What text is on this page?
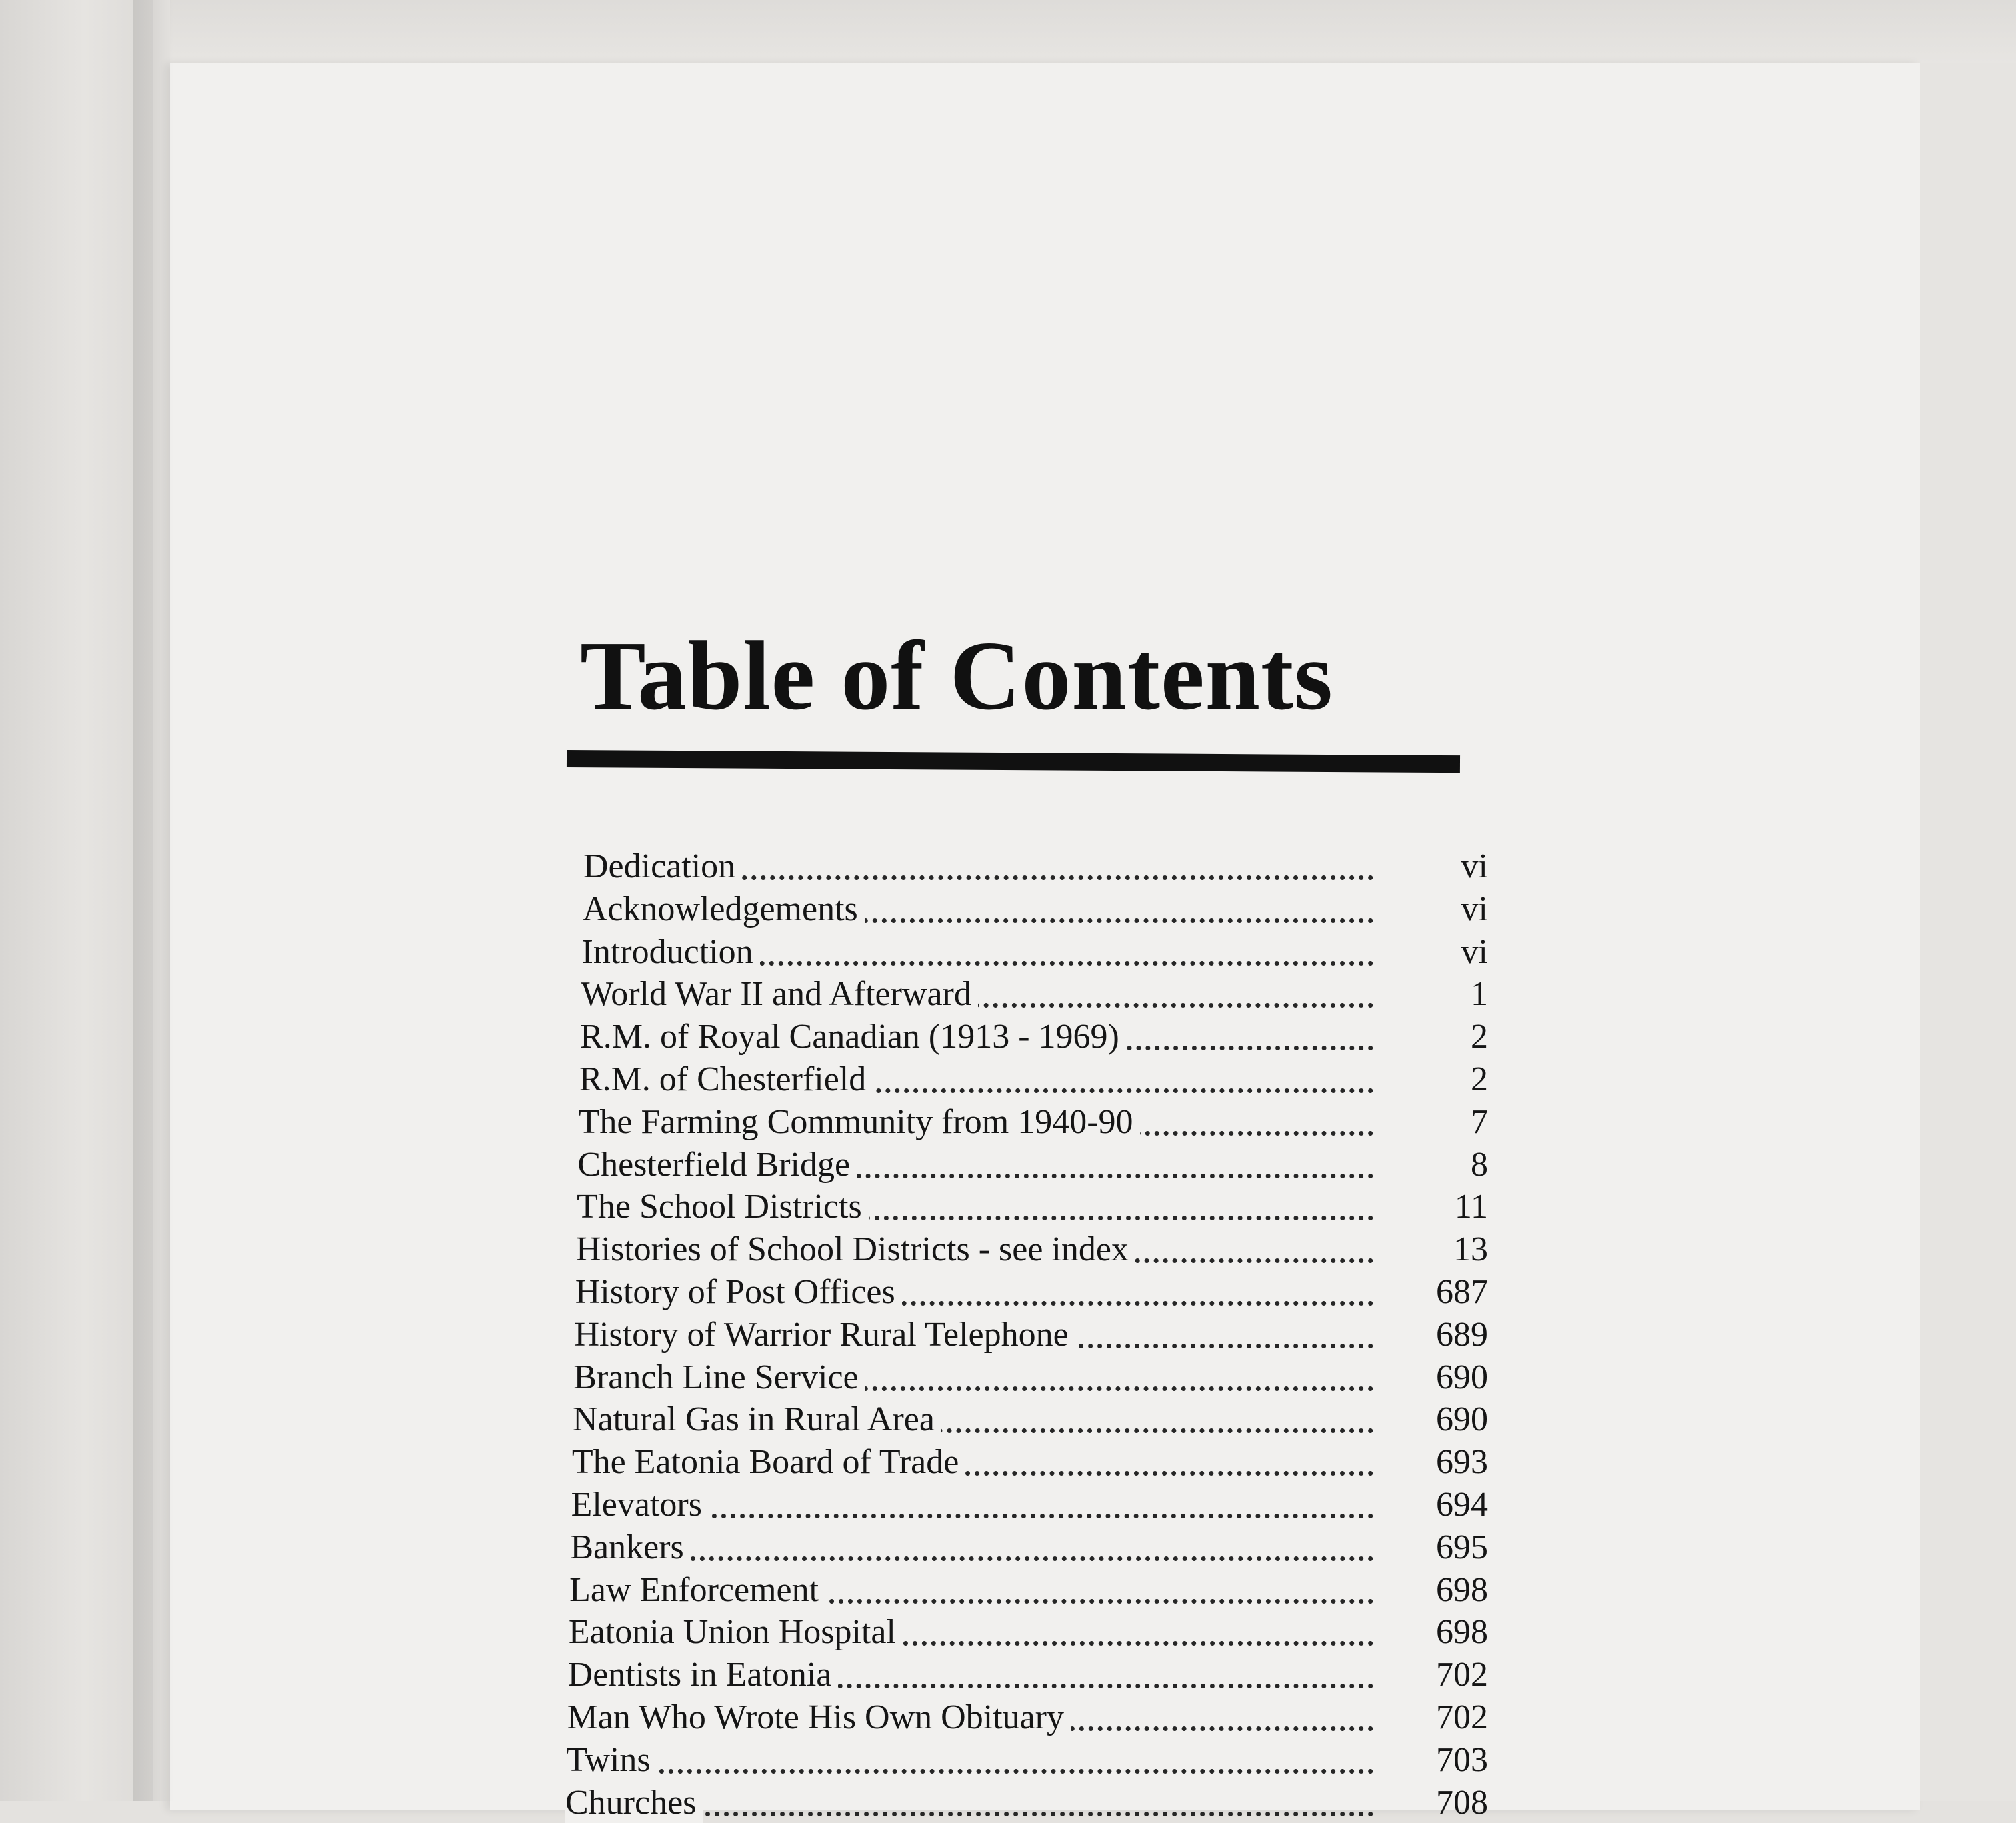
Table of Contents
Dedication	vi
Acknowledgements	vi
Introduction	vi
World War II and Afterward	1
R.M. of Royal Canadian (1913 - 1969)	2
R.M. of Chesterfield	2
The Farming Community from 1940-90	7
Chesterfield Bridge	8
The School Districts	11
Histories of School Districts - see index	13
History of Post Offices	687
History of Warrior Rural Telephone	689
Branch Line Service	690
Natural Gas in Rural Area	690
The Eatonia Board of Trade	693
Elevators	694
Bankers	695
Law Enforcement	698
Eatonia Union Hospital	698
Dentists in Eatonia	702
Man Who Wrote His Own Obituary	702
Twins	703
Churches	708
